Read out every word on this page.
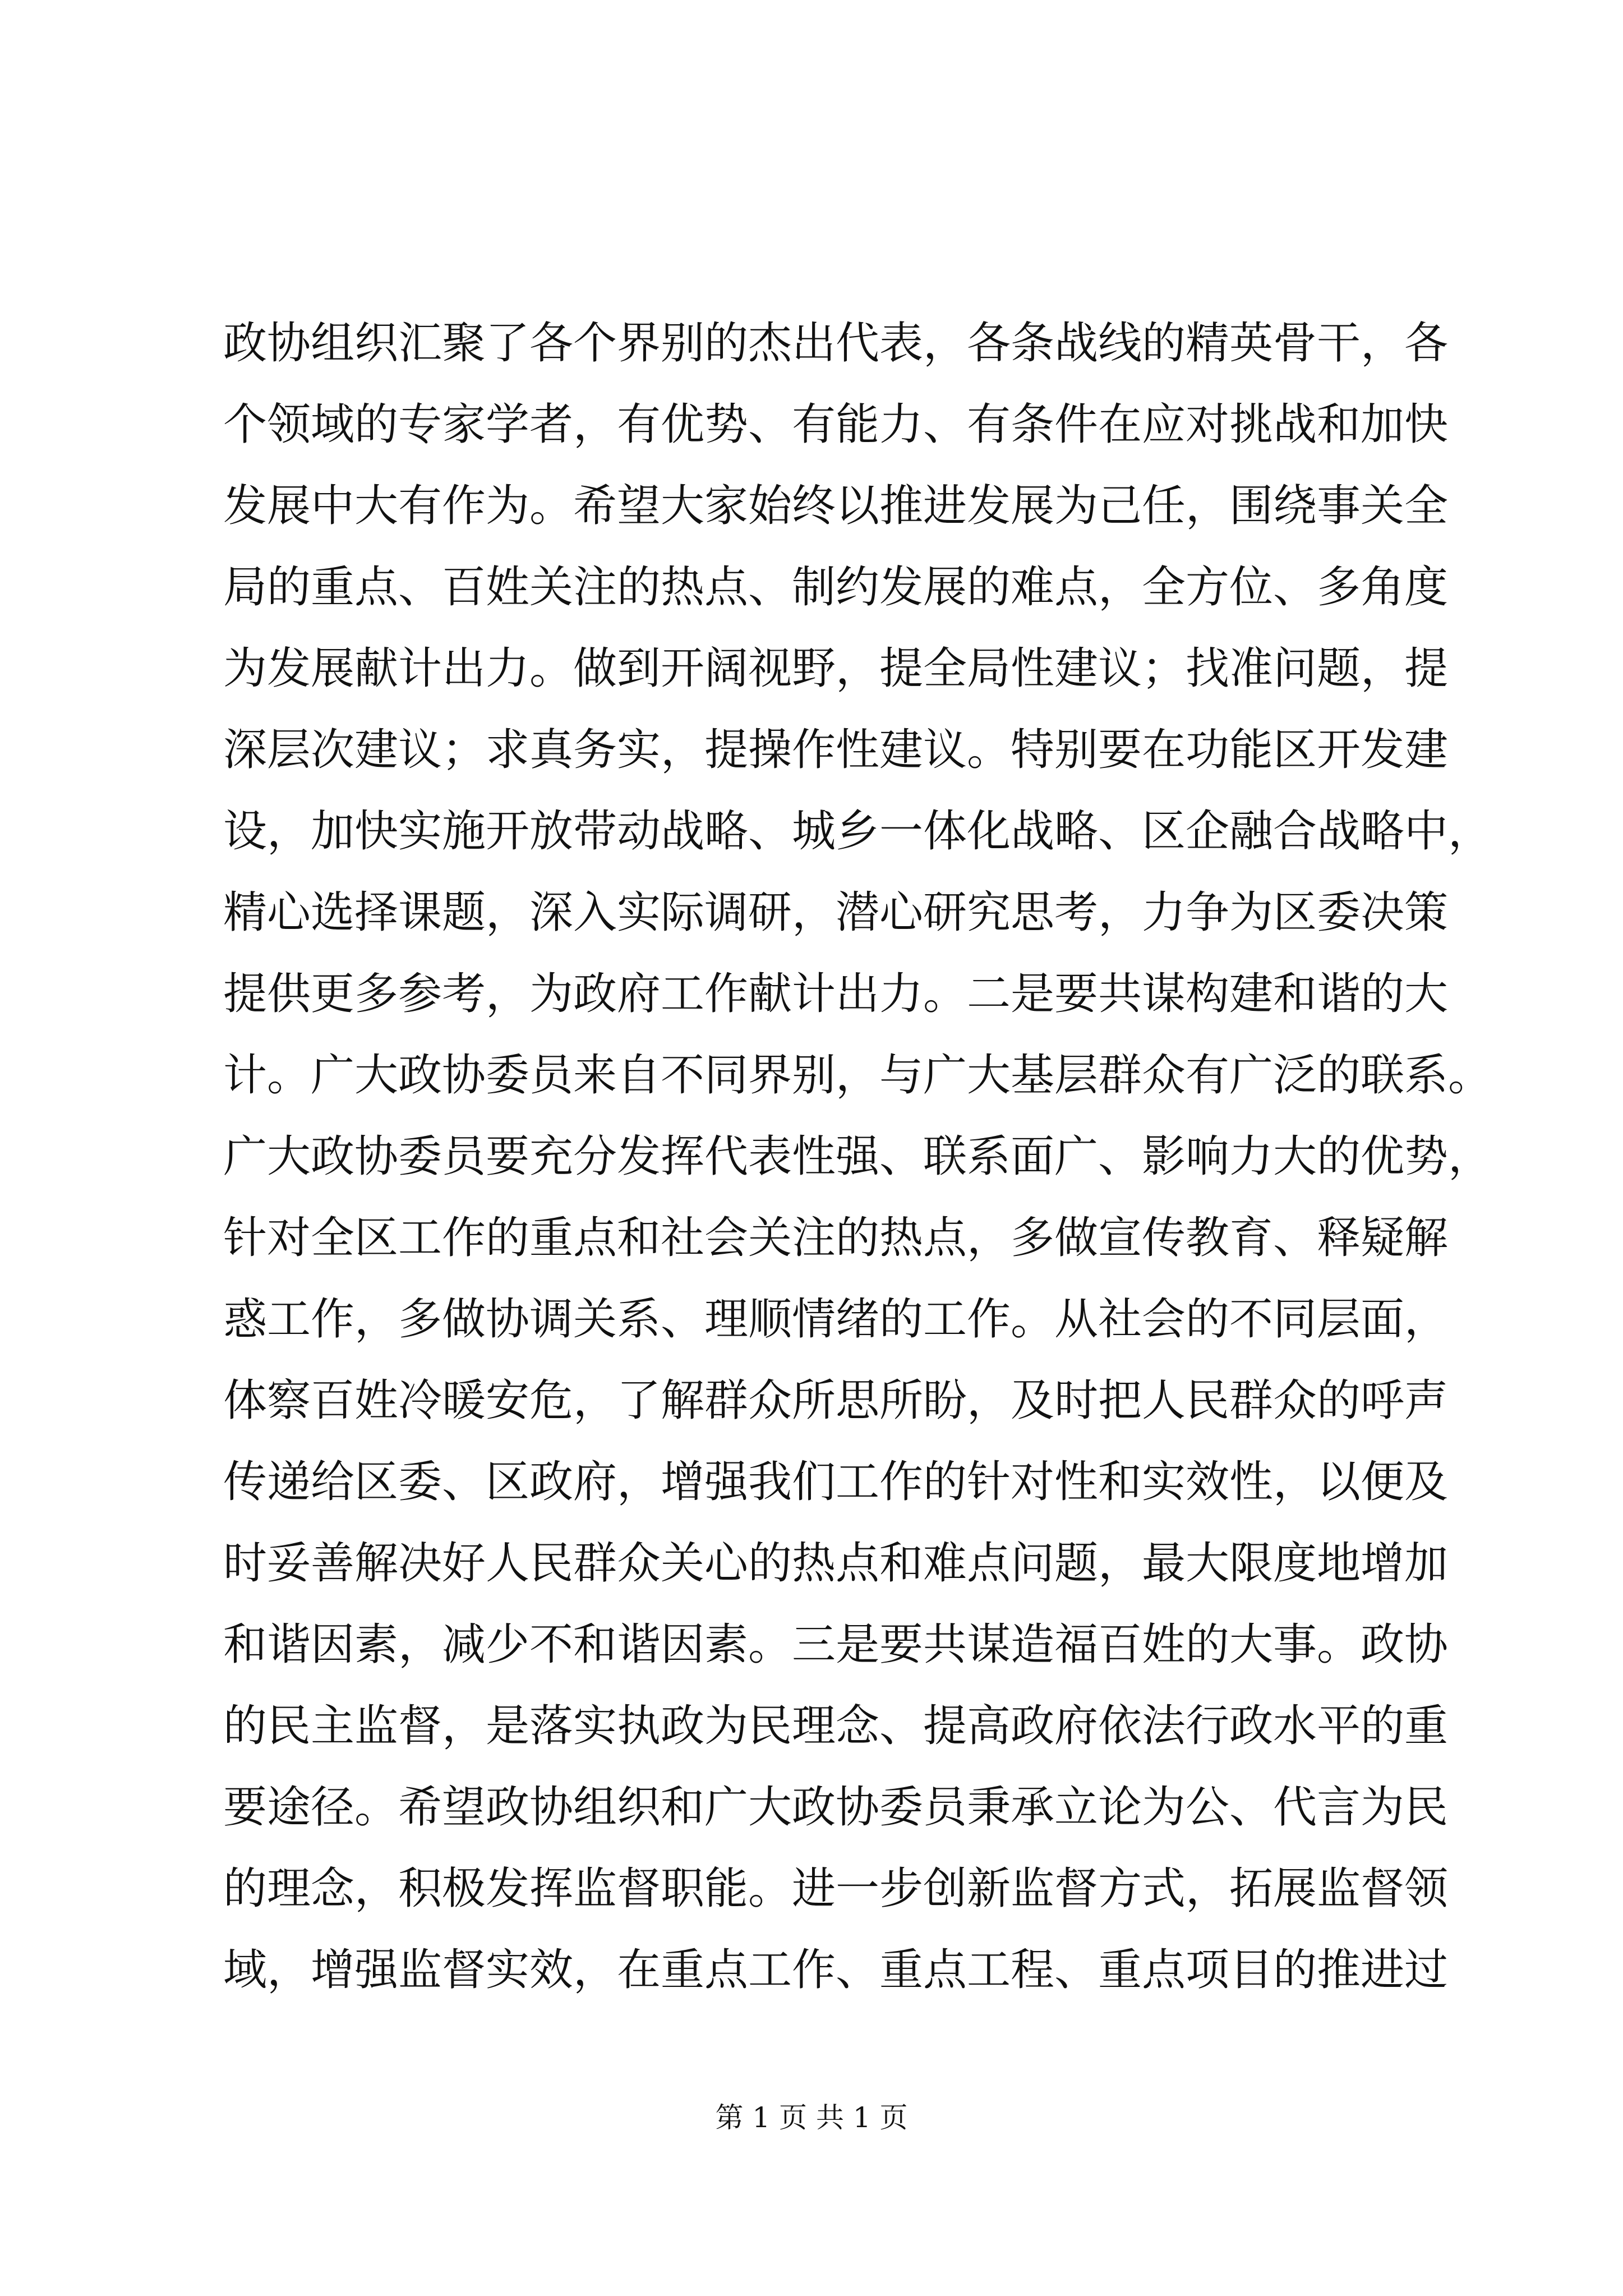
政协组织汇聚了各个界别的杰出代表，各条战线的精英骨干，各
个领域的专家学者，有优势、有能力、有条件在应对挑战和加快
发展中大有作为。希望大家始终以推进发展为己任，围绕事关全
局的重点、百姓关注的热点、制约发展的难点，全方位、多角度
为发展献计出力。做到开阔视野，提全局性建议；找准问题，提
深层次建议；求真务实，提操作性建议。特别要在功能区开发建
设，加快实施开放带动战略、城乡一体化战略、区企融合战略中，
精心选择课题，深入实际调研，潜心研究思考，力争为区委决策
提供更多参考，为政府工作献计出力。二是要共谋构建和谐的大
计。广大政协委员来自不同界别，与广大基层群众有广泛的联系。
广大政协委员要充分发挥代表性强、联系面广、影响力大的优势，
针对全区工作的重点和社会关注的热点，多做宣传教育、释疑解
惑工作，多做协调关系、理顺情绪的工作。从社会的不同层面，
体察百姓冷暖安危，了解群众所思所盼，及时把人民群众的呼声
传递给区委、区政府，增强我们工作的针对性和实效性，以便及
时妥善解决好人民群众关心的热点和难点问题，最大限度地增加
和谐因素，减少不和谐因素。三是要共谋造福百姓的大事。政协
的民主监督，是落实执政为民理念、提高政府依法行政水平的重
要途径。希望政协组织和广大政协委员秉承立论为公、代言为民
的理念，积极发挥监督职能。进一步创新监督方式，拓展监督领
域，增强监督实效，在重点工作、重点工程、重点项目的推进过
第 1 页 共 1 页
